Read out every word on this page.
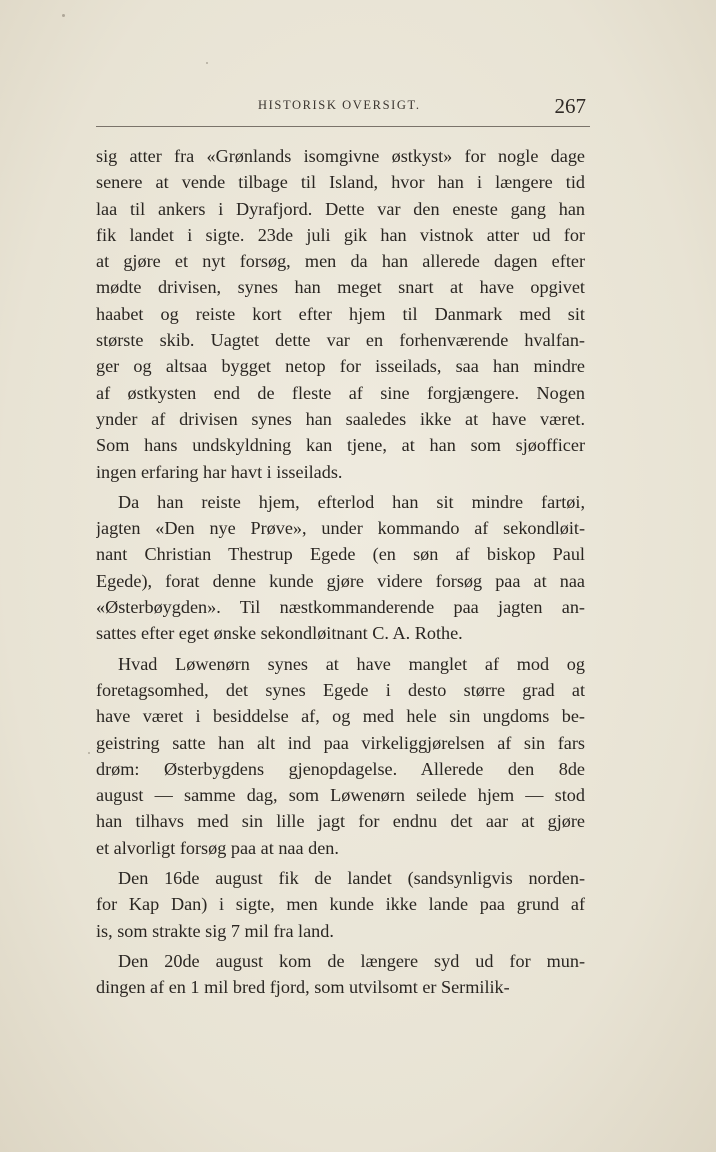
HISTORISK OVERSIGT.	267
sig atter fra «Grønlands isomgivne østkyst» for nogle dage
senere at vende tilbage til Island, hvor han i længere tid
laa til ankers i Dyrafjord. Dette var den eneste gang han
fik landet i sigte. 23de juli gik han vistnok atter ud for
at gjøre et nyt forsøg, men da han allerede dagen efter
mødte drivisen, synes han meget snart at have opgivet
haabet og reiste kort efter hjem til Danmark med sit
største skib. Uagtet dette var en forhenværende hvalfan-
ger og altsaa bygget netop for isseilads, saa han mindre
af østkysten end de fleste af sine forgjængere. Nogen
ynder af drivisen synes han saaledes ikke at have været.
Som hans undskyldning kan tjene, at han som sjøofficer
ingen erfaring har havt i isseilads.
Da han reiste hjem, efterlod han sit mindre fartøi,
jagten «Den nye Prøve», under kommando af sekondløit-
nant Christian Thestrup Egede (en søn af biskop Paul
Egede), forat denne kunde gjøre videre forsøg paa at naa
«Østerbøygden». Til næstkommanderende paa jagten an-
sattes efter eget ønske sekondløitnant C. A. Rothe.
Hvad Løwenørn synes at have manglet af mod og
foretagsomhed, det synes Egede i desto større grad at
have været i besiddelse af, og med hele sin ungdoms be-
geistring satte han alt ind paa virkeliggjørelsen af sin fars
drøm: Østerbygdens gjenopdagelse. Allerede den 8de
august — samme dag, som Løwenørn seilede hjem — stod
han tilhavs med sin lille jagt for endnu det aar at gjøre
et alvorligt forsøg paa at naa den.
Den 16de august fik de landet (sandsynligvis norden-
for Kap Dan) i sigte, men kunde ikke lande paa grund af
is, som strakte sig 7 mil fra land.
Den 20de august kom de længere syd ud for mun-
dingen af en 1 mil bred fjord, som utvilsomt er Sermilik-
